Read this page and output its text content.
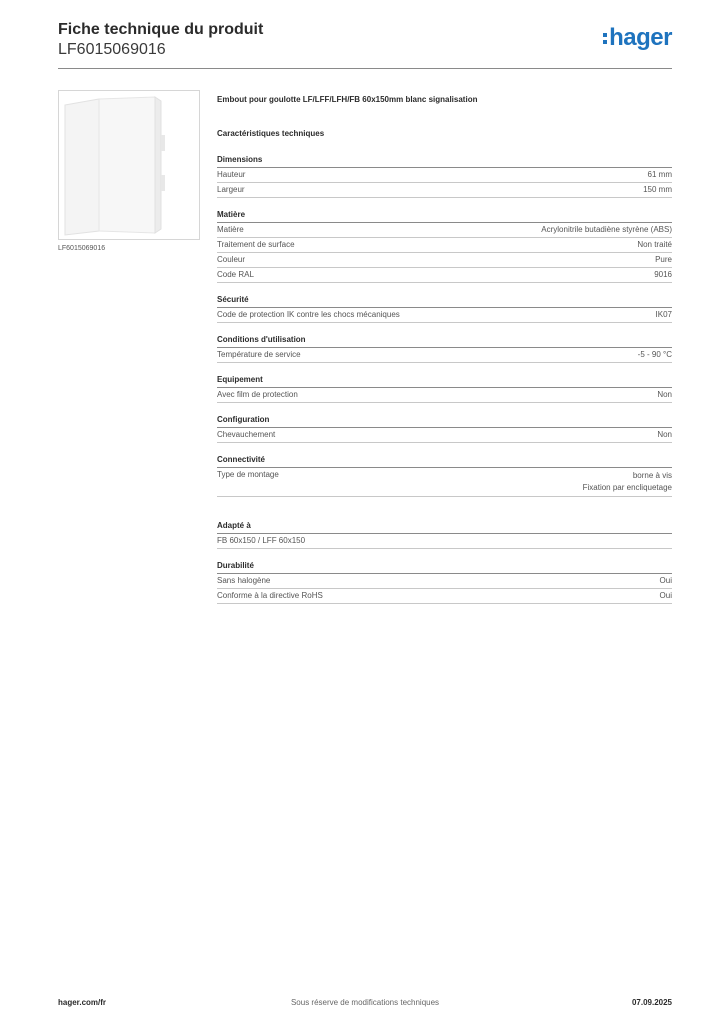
Fiche technique du produit
LF6015069016	hager
LF6015069016
Embout pour goulotte LF/LFF/LFH/FB 60x150mm blanc signalisation
Caractéristiques techniques
Dimensions
Hauteur	61 mm
Largeur	150 mm
Matière
Matière	Acrylonitrile butadiène styrène (ABS)
Traitement de surface	Non traité
Couleur	Pure
Code RAL	9016
Sécurité
Code de protection IK contre les chocs mécaniques	IK07
Conditions d'utilisation
Température de service	-5 - 90 °C
Equipement
Avec film de protection	Non
Configuration
Chevauchement	Non
Connectivité
Type de montage	borne à vis
Fixation par encliquetage
Adapté à
FB 60x150 / LFF 60x150
Durabilité
Sans halogène	Oui
Conforme à la directive RoHS	Oui
hager.com/fr	Sous réserve de modifications techniques	07.09.2025
